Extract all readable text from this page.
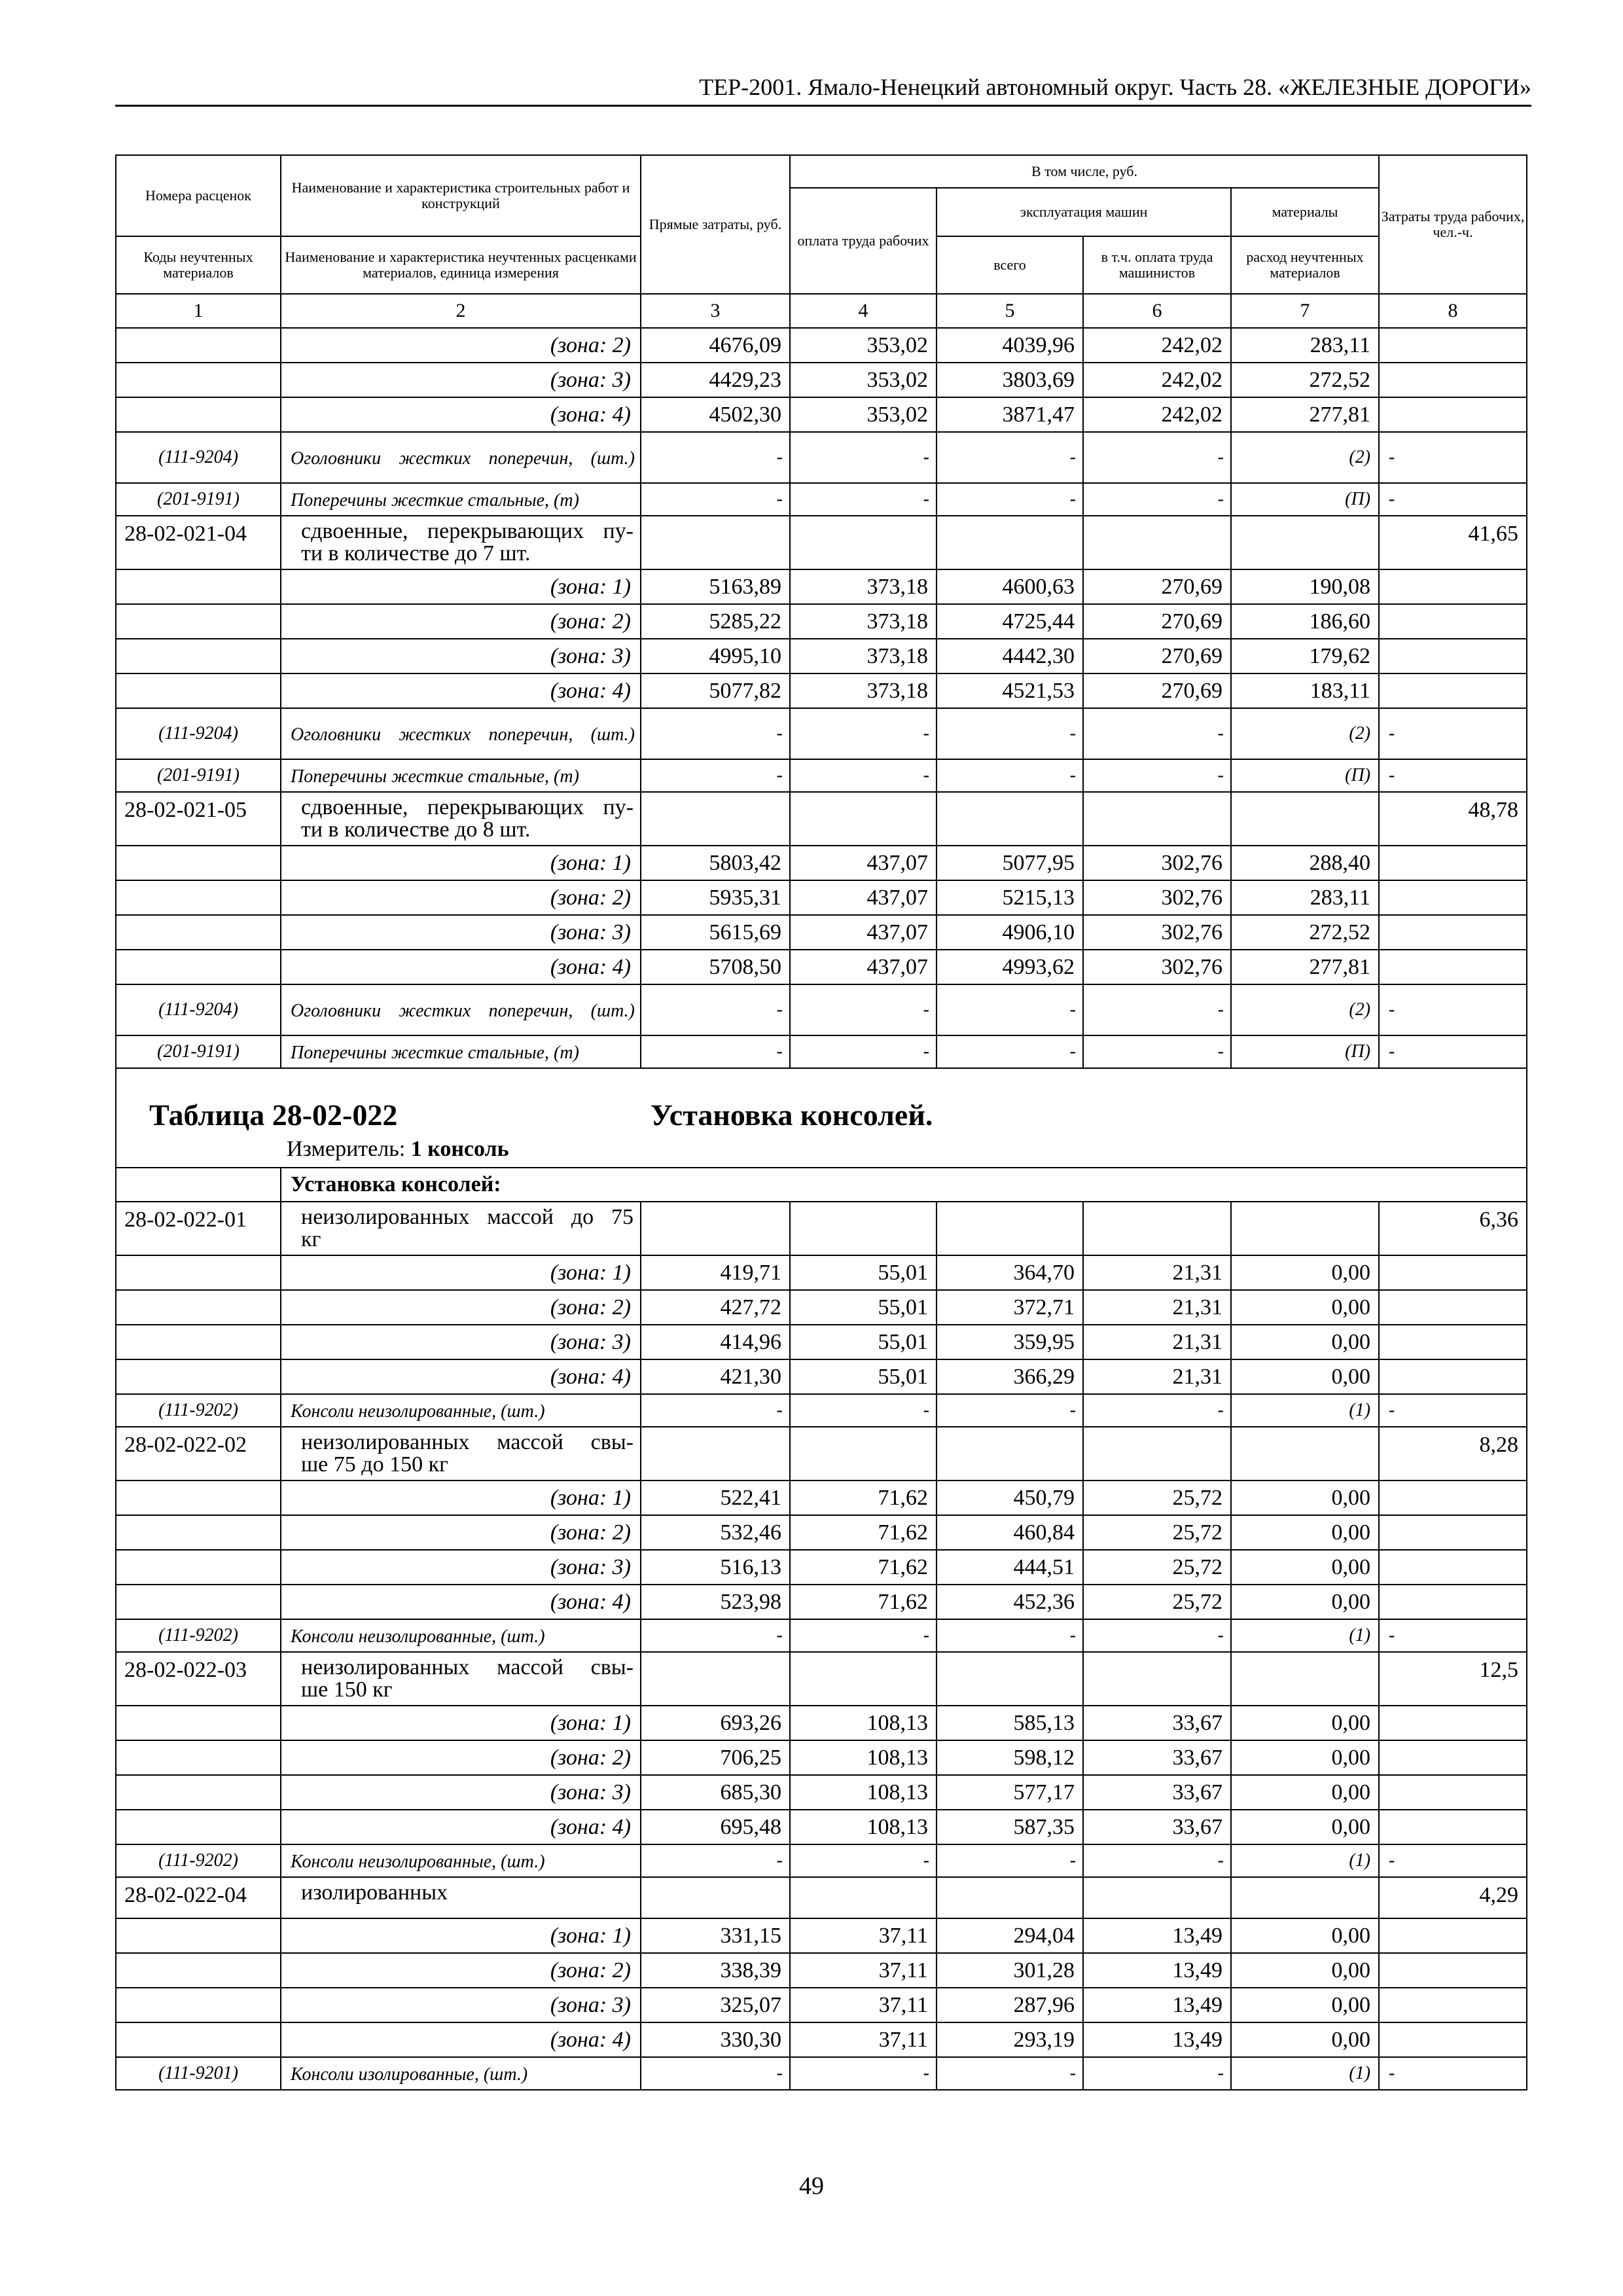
ТЕР-2001. Ямало-Ненецкий автономный округ. Часть 28. «ЖЕЛЕЗНЫЕ ДОРОГИ»
Номера расценок	Наименование и характеристика строительных работ и конструкций	Прямые затраты, руб.	В том числе, руб.				Затраты труда рабочих, чел.-ч.
			оплата труда рабочих	эксплуатация машин		материалы	
Коды неучтенных материалов	Наименование и характеристика неучтенных расценками материалов, единица измерения			всего	в т.ч. оплата труда машинистов	расход неучтенных материалов	
1	2	3	4	5	6	7	8
	(зона: 2)	4676,09	353,02	4039,96	242,02	283,11	
	(зона: 3)	4429,23	353,02	3803,69	242,02	272,52	
	(зона: 4)	4502,30	353,02	3871,47	242,02	277,81	
(111-9204)	Оголовники жестких поперечин, (шт.)	-	-	-	-	(2)	-
(201-9191)	Поперечины жесткие стальные, (т)	-	-	-	-	(П)	-
28-02-021-04	сдвоенные, перекрывающих пу-
ти в количестве до 7 шт.						41,65
	(зона: 1)	5163,89	373,18	4600,63	270,69	190,08	
	(зона: 2)	5285,22	373,18	4725,44	270,69	186,60	
	(зона: 3)	4995,10	373,18	4442,30	270,69	179,62	
	(зона: 4)	5077,82	373,18	4521,53	270,69	183,11	
(111-9204)	Оголовники жестких поперечин, (шт.)	-	-	-	-	(2)	-
(201-9191)	Поперечины жесткие стальные, (т)	-	-	-	-	(П)	-
28-02-021-05	сдвоенные, перекрывающих пу-
ти в количестве до 8 шт.						48,78
	(зона: 1)	5803,42	437,07	5077,95	302,76	288,40	
	(зона: 2)	5935,31	437,07	5215,13	302,76	283,11	
	(зона: 3)	5615,69	437,07	4906,10	302,76	272,52	
	(зона: 4)	5708,50	437,07	4993,62	302,76	277,81	
(111-9204)	Оголовники жестких поперечин, (шт.)	-	-	-	-	(2)	-
(201-9191)	Поперечины жесткие стальные, (т)	-	-	-	-	(П)	-

Таблица 28-02-022 Установка консолей.
Измеритель: 1 консоль							

	Установка консолей:						
28-02-022-01	неизолированных массой до 75
кг						6,36
	(зона: 1)	419,71	55,01	364,70	21,31	0,00	
	(зона: 2)	427,72	55,01	372,71	21,31	0,00	
	(зона: 3)	414,96	55,01	359,95	21,31	0,00	
	(зона: 4)	421,30	55,01	366,29	21,31	0,00	
(111-9202)	Консоли неизолированные, (шт.)	-	-	-	-	(1)	-
28-02-022-02	неизолированных массой свы-
ше 75 до 150 кг						8,28
	(зона: 1)	522,41	71,62	450,79	25,72	0,00	
	(зона: 2)	532,46	71,62	460,84	25,72	0,00	
	(зона: 3)	516,13	71,62	444,51	25,72	0,00	
	(зона: 4)	523,98	71,62	452,36	25,72	0,00	
(111-9202)	Консоли неизолированные, (шт.)	-	-	-	-	(1)	-
28-02-022-03	неизолированных массой свы-
ше 150 кг						12,5
	(зона: 1)	693,26	108,13	585,13	33,67	0,00	
	(зона: 2)	706,25	108,13	598,12	33,67	0,00	
	(зона: 3)	685,30	108,13	577,17	33,67	0,00	
	(зона: 4)	695,48	108,13	587,35	33,67	0,00	
(111-9202)	Консоли неизолированные, (шт.)	-	-	-	-	(1)	-
28-02-022-04	изолированных						4,29
	(зона: 1)	331,15	37,11	294,04	13,49	0,00	
	(зона: 2)	338,39	37,11	301,28	13,49	0,00	
	(зона: 3)	325,07	37,11	287,96	13,49	0,00	
	(зона: 4)	330,30	37,11	293,19	13,49	0,00	
(111-9201)	Консоли изолированные, (шт.)	-	-	-	-	(1)	-
49
